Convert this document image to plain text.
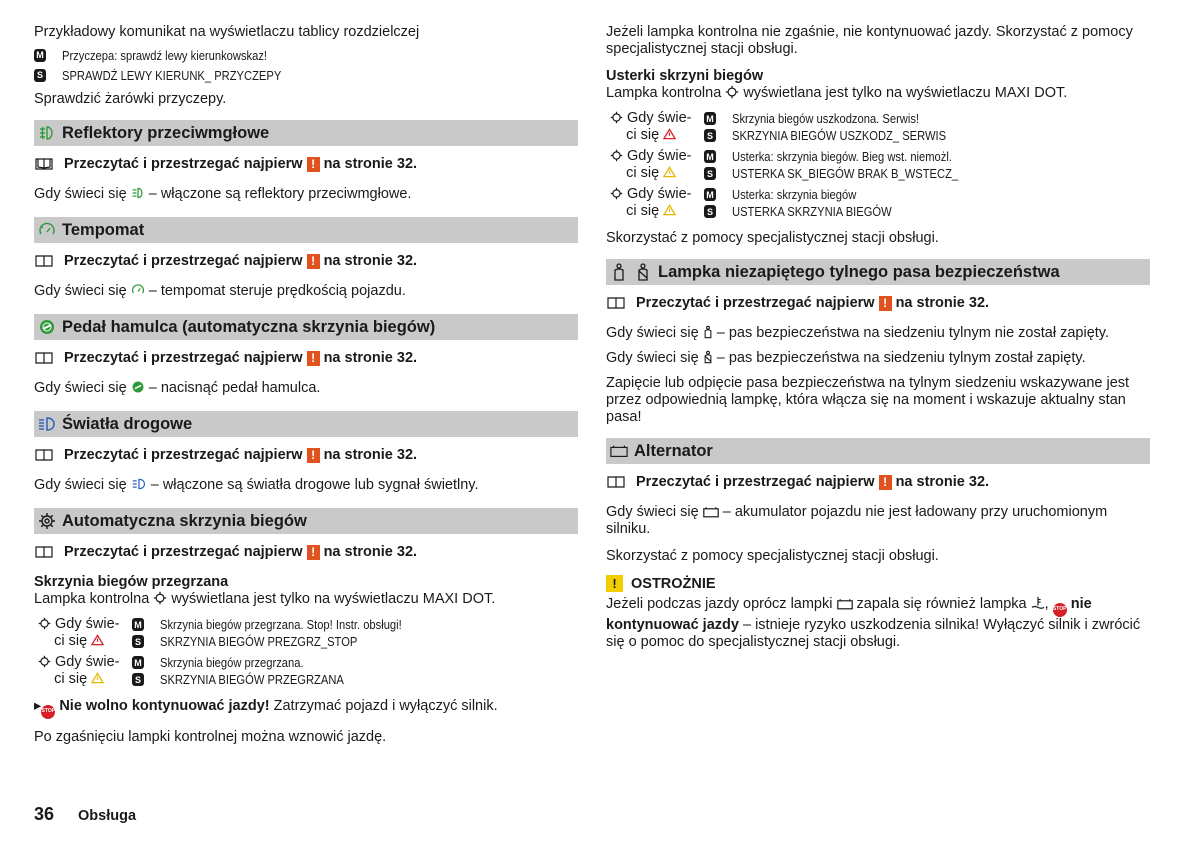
Przykładowy komunikat na wyświetlaczu tablicy rozdzielczej

M Przyczepa: sprawdź lewy kierunkowskaz!
S SPRAWDŹ LEWY KIERUNK_ PRZYCZEPY

Sprawdzić żarówki przyczepy.

Reflektory przeciwmgłowe
Przeczytać i przestrzegać najpierw ! na stronie 32.

Gdy świeci się – włączone są reflektory przeciwmgłowe.

Tempomat
Przeczytać i przestrzegać najpierw ! na stronie 32.

Gdy świeci się – tempomat steruje prędkością pojazdu.

Pedał hamulca (automatyczna skrzynia biegów)
Przeczytać i przestrzegać najpierw ! na stronie 32.

Gdy świeci się – nacisnąć pedał hamulca.

Światła drogowe
Przeczytać i przestrzegać najpierw ! na stronie 32.

Gdy świeci się – włączone są światła drogowe lub sygnał świetlny.

Automatyczna skrzynia biegów
Przeczytać i przestrzegać najpierw ! na stronie 32.

Skrzynia biegów przegrzana

Lampka kontrolna wyświetlana jest tylko na wyświetlaczu MAXI DOT.

Gdy świe-
ci się
M Skrzynia biegów przegrzana. Stop! Instr. obsługi!
S SKRZYNIA BIEGÓW PREZGRZ_STOP
Gdy świe-
ci się
M Skrzynia biegów przegrzana.
S SKRZYNIA BIEGÓW PRZEGRZANA

▸STOP Nie wolno kontynuować jazdy! Zatrzymać pojazd i wyłączyć silnik.

Po zgaśnięciu lampki kontrolnej można wznowić jazdę.

Jeżeli lampka kontrolna nie zgaśnie, nie kontynuować jazdy. Skorzystać z pomocy specjalistycznej stacji obsługi.

Usterki skrzyni biegów

Lampka kontrolna wyświetlana jest tylko na wyświetlaczu MAXI DOT.

Gdy świe-
ci się
M Skrzynia biegów uszkodzona. Serwis!
S SKRZYNIA BIEGÓW USZKODZ_ SERWIS
Gdy świe-
ci się
M Usterka: skrzynia biegów. Bieg wst. niemożl.
S USTERKA SK_BIEGÓW BRAK B_WSTECZ_
Gdy świe-
ci się
M Usterka: skrzynia biegów
S USTERKA SKRZYNIA BIEGÓW

Skorzystać z pomocy specjalistycznej stacji obsługi.

Lampka niezapiętego tylnego pasa bezpieczeństwa
Przeczytać i przestrzegać najpierw ! na stronie 32.

Gdy świeci się – pas bezpieczeństwa na siedzeniu tylnym nie został zapięty.

Gdy świeci się – pas bezpieczeństwa na siedzeniu tylnym został zapięty.

Zapięcie lub odpięcie pasa bezpieczeństwa na tylnym siedzeniu wskazywane jest przez odpowiednią lampkę, która włącza się na moment i wskazuje aktualny stan pasa!

Alternator
Przeczytać i przestrzegać najpierw ! na stronie 32.

Gdy świeci się – akumulator pojazdu nie jest ładowany przy uruchomionym silniku.

Skorzystać z pomocy specjalistycznej stacji obsługi.

! OSTROŻNIE

Jeżeli podczas jazdy oprócz lampki zapala się również lampka , STOP nie kontynuować jazdy – istnieje ryzyko uszkodzenia silnika! Wyłączyć silnik i zwrócić się o pomoc do specjalistycznej stacji obsługi.

36 Obsługa
